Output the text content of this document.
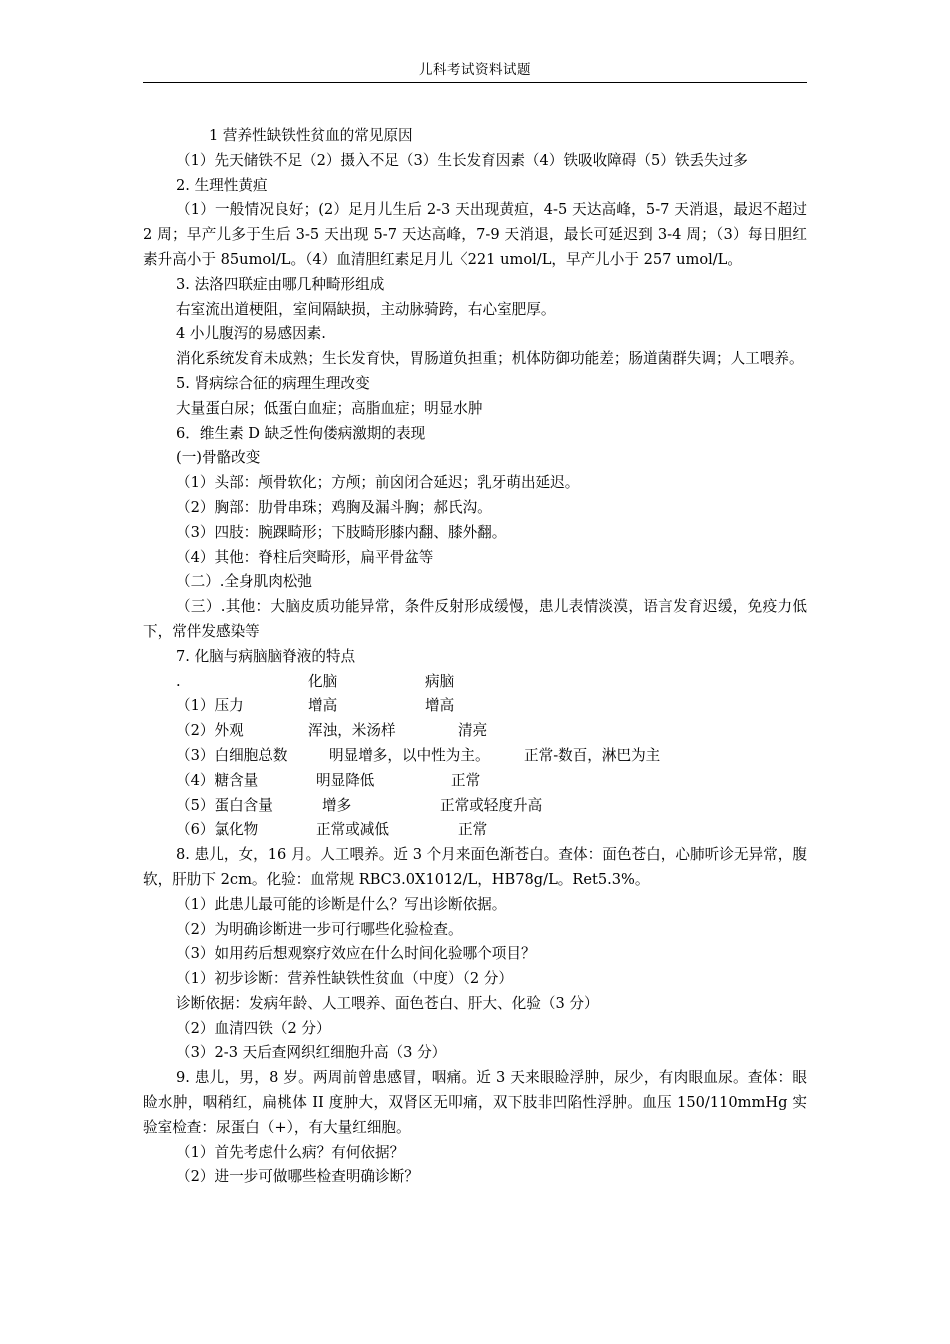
儿科考试资料试题

1 营养性缺铁性贫血的常见原因

（1）先天储铁不足（2）摄入不足（3）生长发育因素（4）铁吸收障碍（5）铁丢失过多

2. 生理性黄疸

（1）一般情况良好；(2）足月儿生后 2-3 天出现黄疸，4-5 天达高峰，5-7 天消退，最迟不超过 2 周；早产儿多于生后 3-5 天出现 5-7 天达高峰，7-9 天消退，最长可延迟到 3-4 周；（3）每日胆红素升高小于 85umol/L。（4）血清胆红素足月儿〈221 umol/L，早产儿小于 257 umol/L。

3. 法洛四联症由哪几种畸形组成

右室流出道梗阻，室间隔缺损，主动脉骑跨，右心室肥厚。

4 小儿腹泻的易感因素.

消化系统发育未成熟；生长发育快，胃肠道负担重；机体防御功能差；肠道菌群失调；人工喂养。

5. 肾病综合征的病理生理改变

大量蛋白尿；低蛋白血症；高脂血症；明显水肿

6．维生素 D 缺乏性佝偻病激期的表现

(一)骨骼改变

（1）头部：颅骨软化；方颅；前囟闭合延迟；乳牙萌出延迟。

（2）胸部：肋骨串珠；鸡胸及漏斗胸；郝氏沟。

（3）四肢：腕踝畸形；下肢畸形膝内翻、膝外翻。

（4）其他：脊柱后突畸形，扁平骨盆等

（二）.全身肌肉松弛

（三）.其他：大脑皮质功能异常，条件反射形成缓慢，患儿表情淡漠，语言发育迟缓，免疫力低下，常伴发感染等

7. 化脑与病脑脑脊液的特点

.	化脑	病脑
（1）压力	增高	增高
（2）外观	浑浊，米汤样	清亮
（3）白细胞总数	明显增多，以中性为主。	正常-数百，淋巴为主
（4）糖含量	明显降低	正常
（5）蛋白含量	增多	正常或轻度升高
（6）氯化物	正常或减低	正常

8. 患儿，女，16 月。人工喂养。近 3 个月来面色渐苍白。查体：面色苍白，心肺听诊无异常，腹软，肝肋下 2cm。化验：血常规 RBC3.0X1012/L，HB78g/L。Ret5.3%。

（1）此患儿最可能的诊断是什么？写出诊断依据。

（2）为明确诊断进一步可行哪些化验检查。

（3）如用药后想观察疗效应在什么时间化验哪个项目？

（1）初步诊断：营养性缺铁性贫血（中度）（2 分）

诊断依据：发病年龄、人工喂养、面色苍白、肝大、化验（3 分）

（2）血清四铁（2 分）

（3）2-3 天后查网织红细胞升高（3 分）

9. 患儿，男，8 岁。两周前曾患感冒，咽痛。近 3 天来眼睑浮肿，尿少，有肉眼血尿。查体：眼睑水肿，咽稍红，扁桃体 II 度肿大，双肾区无叩痛，双下肢非凹陷性浮肿。血压 150/110mmHg 实验室检查：尿蛋白（+），有大量红细胞。

（1）首先考虑什么病？有何依据？

（2）进一步可做哪些检查明确诊断？
